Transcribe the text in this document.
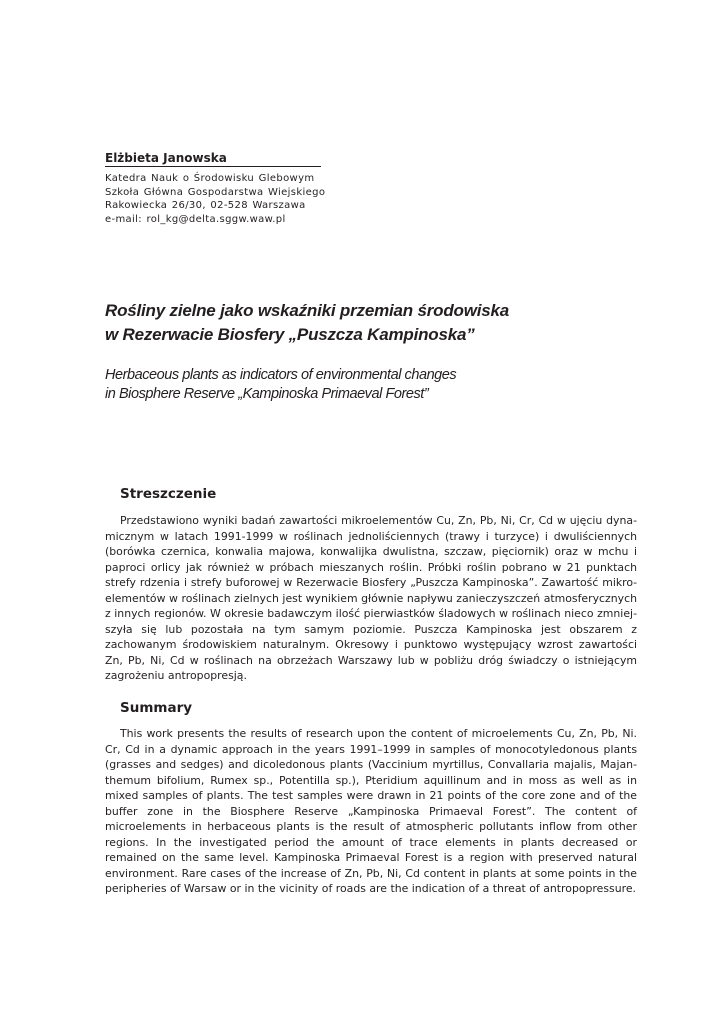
Elżbieta Janowska
Katedra Nauk o Środowisku Glebowym
Szkoła Główna Gospodarstwa Wiejskiego
Rakowiecka 26/30, 02-528 Warszawa
e-mail: rol_kg@delta.sggw.waw.pl
Rośliny zielne jako wskaźniki przemian środowiska
w Rezerwacie Biosfery „Puszcza Kampinoska”
Herbaceous plants as indicators of environmental changes
in Biosphere Reserve „Kampinoska Primaeval Forest”
Streszczenie

Przedstawiono wyniki badań zawartości mikroelementów Cu, Zn, Pb, Ni, Cr, Cd w ujęciu dynamicznym w latach 1991-1999 w roślinach jednoliściennych (trawy i turzyce) i dwuliściennych (borówka czernica, konwalia majowa, konwalijka dwulistna, szczaw, pięciornik) oraz w mchu i paproci orlicy jak również w próbach mieszanych roślin. Próbki roślin pobrano w 21 punktach strefy rdzenia i strefy buforowej w Rezerwacie Biosfery „Puszcza Kampinoska”. Zawartość mikroelementów w roślinach zielnych jest wynikiem głównie napływu zanieczyszczeń atmosferycznych z innych regionów. W okresie badawczym ilość pierwiastków śladowych w roślinach nieco zmniejszyła się lub pozostała na tym samym poziomie. Puszcza Kampinoska jest obszarem z zachowanym środowiskiem naturalnym. Okresowy i punktowo występujący wzrost zawartości Zn, Pb, Ni, Cd w roślinach na obrzeżach Warszawy lub w pobliżu dróg świadczy o istniejącym zagrożeniu antropopresją.

Summary

This work presents the results of research upon the content of microelements Cu, Zn, Pb, Ni. Cr, Cd in a dynamic approach in the years 1991–1999 in samples of monocotyledonous plants (grasses and sedges) and dicoledonous plants (Vaccinium myrtillus, Convallaria majalis, Majanthemum bifolium, Rumex sp., Potentilla sp.), Pteridium aquillinum and in moss as well as in mixed samples of plants. The test samples were drawn in 21 points of the core zone and of the buffer zone in the Biosphere Reserve „Kampinoska Primaeval Forest”. The content of microelements in herbaceous plants is the result of atmospheric pollutants inflow from other regions. In the investigated period the amount of trace elements in plants decreased or remained on the same level. Kampinoska Primaeval Forest is a region with preserved natural environment. Rare cases of the increase of Zn, Pb, Ni, Cd content in plants at some points in the peripheries of Warsaw or in the vicinity of roads are the indication of a threat of antropopressure.
